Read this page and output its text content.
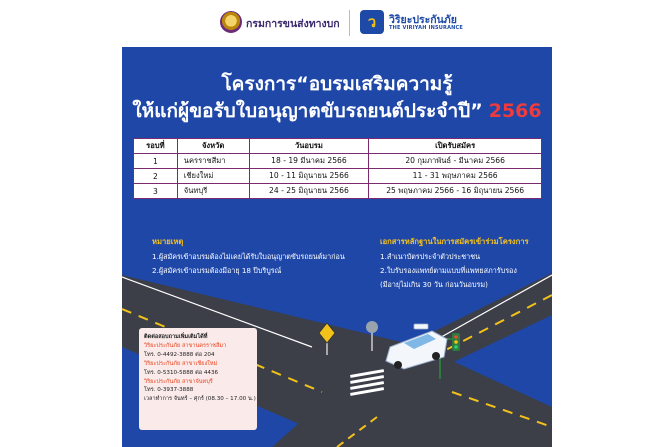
กรมการขนส่งทางบก	ว	วิริยะประกันภัย
THE VIRIYAH INSURANCE
โครงการ“อบรมเสริมความรู้
ให้แก่ผู้ขอรับใบอนุญาตขับรถยนต์ประจำปี” 2566
รอบที่	จังหวัด	วันอบรม	เปิดรับสมัคร
1	นครราชสีมา	18 - 19 มีนาคม 2566	20 กุมภาพันธ์ - มีนาคม 2566
2	เชียงใหม่	10 - 11 มิถุนายน 2566	11 - 31 พฤษภาคม 2566
3	จันทบุรี	24 - 25 มิถุนายน 2566	25 พฤษภาคม 2566 - 16 มิถุนายน 2566
หมายเหตุ
1.ผู้สมัครเข้าอบรมต้องไม่เคยได้รับใบอนุญาตขับรถยนต์มาก่อน
2.ผู้สมัครเข้าอบรมต้องมีอายุ 18 ปีบริบูรณ์
เอกสารหลักฐานในการสมัครเข้าร่วมโครงการ
1.สำเนาบัตรประจำตัวประชาชน
2.ใบรับรองแพทย์ตามแบบที่แพทยสภารับรอง
(มีอายุไม่เกิน 30 วัน ก่อนวันอบรม)
ติดต่อสอบถามเพิ่มเติมได้ที่
วิริยะประกันภัย สาขานครราชสีมา
โทร. 0-4492-3888 ต่อ 204
วิริยะประกันภัย สาขาเชียงใหม่
โทร. 0-5310-5888 ต่อ 4436
วิริยะประกันภัย สาขาจันทบุรี
โทร. 0-3937-3888
เวลาทำการ จันทร์ – ศุกร์ (08.30 – 17.00 น.)
